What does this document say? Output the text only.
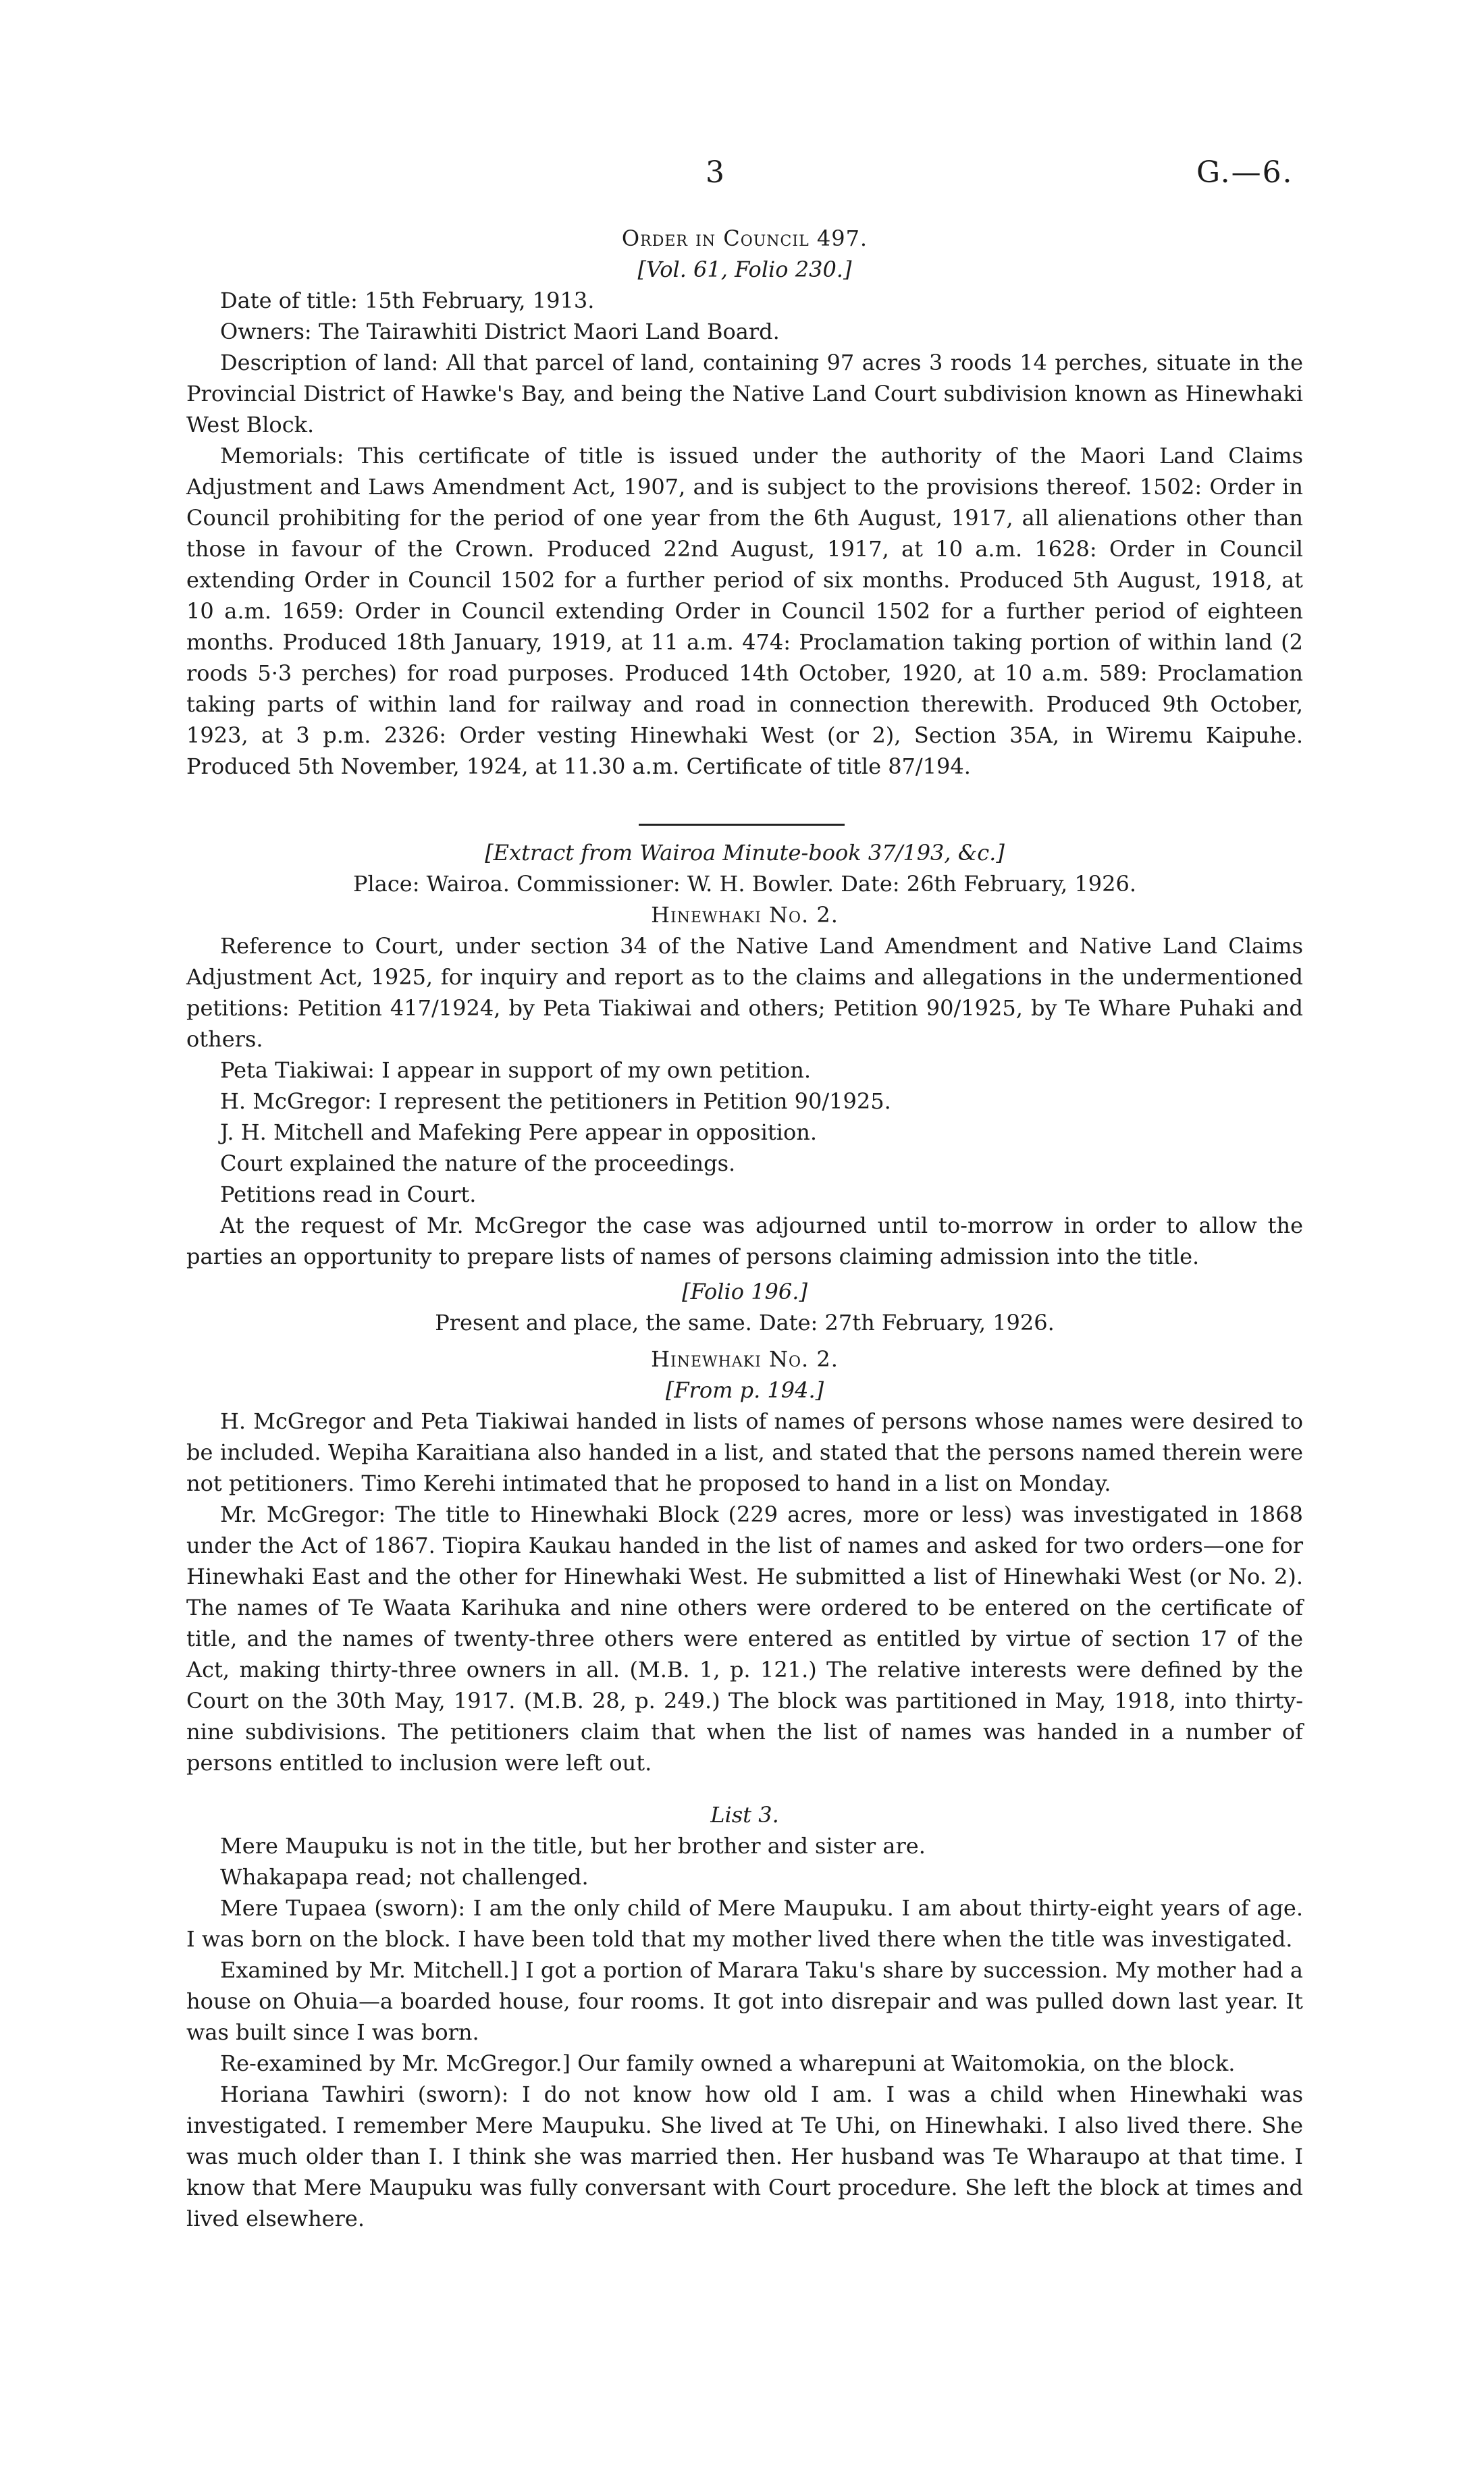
3	G.—6.
Order in Council 497.
[Vol. 61, Folio 230.]

Date of title: 15th February, 1913.

Owners: The Tairawhiti District Maori Land Board.

Description of land: All that parcel of land, containing 97 acres 3 roods 14 perches, situate in the Provincial District of Hawke's Bay, and being the Native Land Court subdivision known as Hinewhaki West Block.

Memorials: This certificate of title is issued under the authority of the Maori Land Claims Adjustment and Laws Amendment Act, 1907, and is subject to the provisions thereof. 1502: Order in Council prohibiting for the period of one year from the 6th August, 1917, all alienations other than those in favour of the Crown. Produced 22nd August, 1917, at 10 a.m. 1628: Order in Council extending Order in Council 1502 for a further period of six months. Produced 5th August, 1918, at 10 a.m. 1659: Order in Council extending Order in Council 1502 for a further period of eighteen months. Produced 18th January, 1919, at 11 a.m. 474: Proclamation taking portion of within land (2 roods 5·3 perches) for road purposes. Produced 14th October, 1920, at 10 a.m. 589: Proclamation taking parts of within land for railway and road in connection therewith. Produced 9th October, 1923, at 3 p.m. 2326: Order vesting Hinewhaki West (or 2), Section 35A, in Wiremu Kaipuhe. Produced 5th November, 1924, at 11.30 a.m. Certificate of title 87/194.

[Extract from Wairoa Minute-book 37/193, &c.]
Place: Wairoa. Commissioner: W. H. Bowler. Date: 26th February, 1926.
Hinewhaki No. 2.

Reference to Court, under section 34 of the Native Land Amendment and Native Land Claims Adjustment Act, 1925, for inquiry and report as to the claims and allegations in the undermentioned petitions: Petition 417/1924, by Peta Tiakiwai and others; Petition 90/1925, by Te Whare Puhaki and others.

Peta Tiakiwai: I appear in support of my own petition.

H. McGregor: I represent the petitioners in Petition 90/1925.

J. H. Mitchell and Mafeking Pere appear in opposition.

Court explained the nature of the proceedings.

Petitions read in Court.

At the request of Mr. McGregor the case was adjourned until to-morrow in order to allow the parties an opportunity to prepare lists of names of persons claiming admission into the title.

[Folio 196.]
Present and place, the same. Date: 27th February, 1926.
Hinewhaki No. 2.
[From p. 194.]

H. McGregor and Peta Tiakiwai handed in lists of names of persons whose names were desired to be included. Wepiha Karaitiana also handed in a list, and stated that the persons named therein were not petitioners. Timo Kerehi intimated that he proposed to hand in a list on Monday.

Mr. McGregor: The title to Hinewhaki Block (229 acres, more or less) was investigated in 1868 under the Act of 1867. Tiopira Kaukau handed in the list of names and asked for two orders—one for Hinewhaki East and the other for Hinewhaki West. He submitted a list of Hinewhaki West (or No. 2). The names of Te Waata Karihuka and nine others were ordered to be entered on the certificate of title, and the names of twenty-three others were entered as entitled by virtue of section 17 of the Act, making thirty-three owners in all. (M.B. 1, p. 121.) The relative interests were defined by the Court on the 30th May, 1917. (M.B. 28, p. 249.) The block was partitioned in May, 1918, into thirty-nine subdivisions. The petitioners claim that when the list of names was handed in a number of persons entitled to inclusion were left out.

List 3.

Mere Maupuku is not in the title, but her brother and sister are.

Whakapapa read; not challenged.

Mere Tupaea (sworn): I am the only child of Mere Maupuku. I am about thirty-eight years of age. I was born on the block. I have been told that my mother lived there when the title was investigated.

Examined by Mr. Mitchell.] I got a portion of Marara Taku's share by succession. My mother had a house on Ohuia—a boarded house, four rooms. It got into disrepair and was pulled down last year. It was built since I was born.

Re-examined by Mr. McGregor.] Our family owned a wharepuni at Waitomokia, on the block.

Horiana Tawhiri (sworn): I do not know how old I am. I was a child when Hinewhaki was investigated. I remember Mere Maupuku. She lived at Te Uhi, on Hinewhaki. I also lived there. She was much older than I. I think she was married then. Her husband was Te Wharaupo at that time. I know that Mere Maupuku was fully conversant with Court procedure. She left the block at times and lived elsewhere.
